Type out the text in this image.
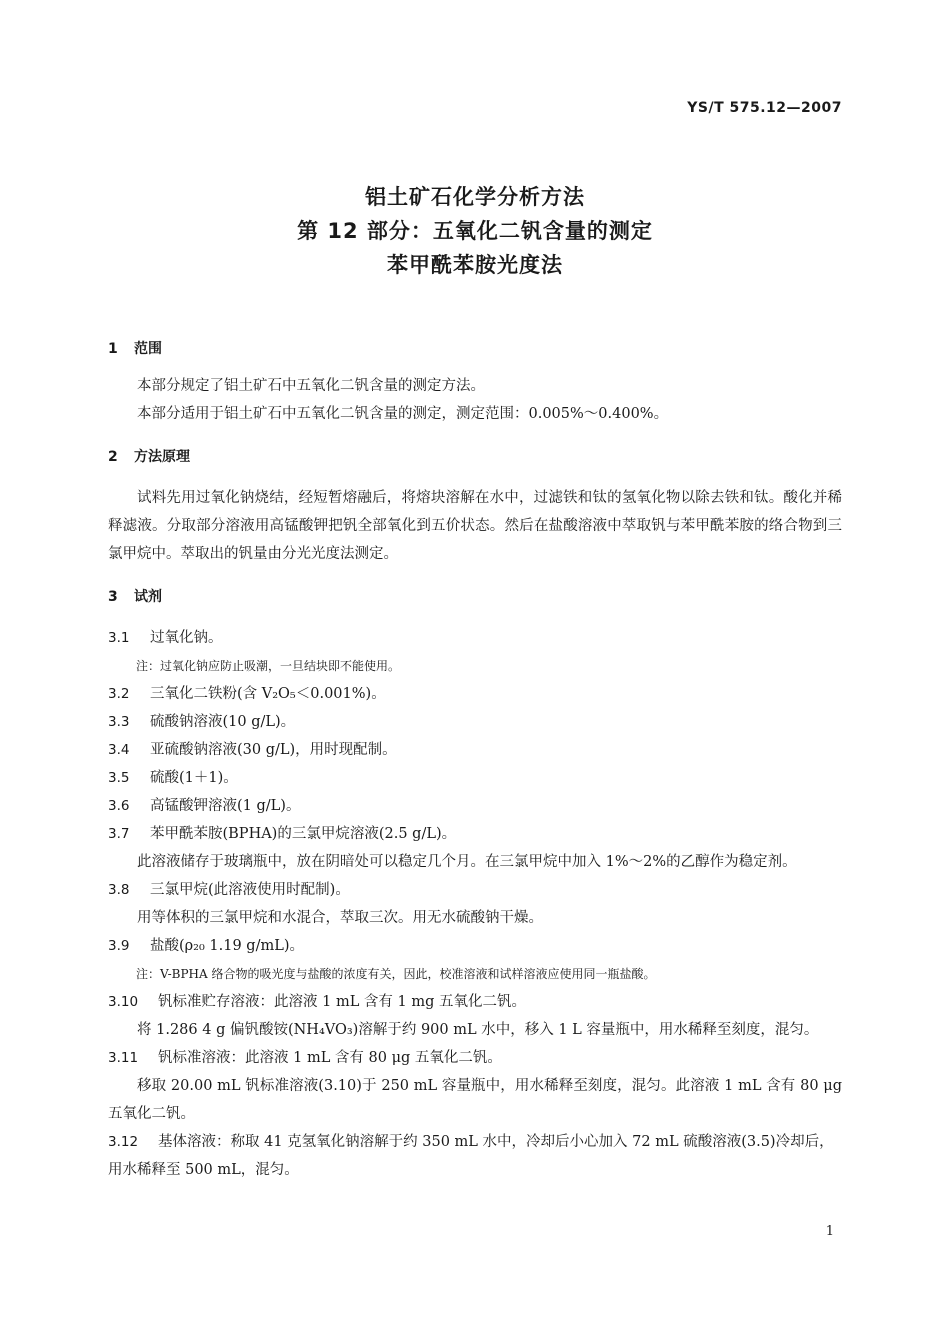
YS/T 575.12—2007
铝土矿石化学分析方法
第 12 部分：五氧化二钒含量的测定
苯甲酰苯胺光度法
1 范围
本部分规定了铝土矿石中五氧化二钒含量的测定方法。
本部分适用于铝土矿石中五氧化二钒含量的测定，测定范围：0.005%～0.400%。
2 方法原理
试料先用过氧化钠烧结，经短暂熔融后，将熔块溶解在水中，过滤铁和钛的氢氧化物以除去铁和钛。酸化并稀释滤液。分取部分溶液用高锰酸钾把钒全部氧化到五价状态。然后在盐酸溶液中萃取钒与苯甲酰苯胺的络合物到三氯甲烷中。萃取出的钒量由分光光度法测定。
3 试剂
3.1 过氧化钠。
注：过氧化钠应防止吸潮，一旦结块即不能使用。
3.2 三氧化二铁粉(含 V₂O₅＜0.001%)。
3.3 硫酸钠溶液(10 g/L)。
3.4 亚硫酸钠溶液(30 g/L)，用时现配制。
3.5 硫酸(1＋1)。
3.6 高锰酸钾溶液(1 g/L)。
3.7 苯甲酰苯胺(BPHA)的三氯甲烷溶液(2.5 g/L)。
此溶液储存于玻璃瓶中，放在阴暗处可以稳定几个月。在三氯甲烷中加入 1%～2%的乙醇作为稳定剂。
3.8 三氯甲烷(此溶液使用时配制)。
用等体积的三氯甲烷和水混合，萃取三次。用无水硫酸钠干燥。
3.9 盐酸(ρ₂₀ 1.19 g/mL)。
注：V-BPHA 络合物的吸光度与盐酸的浓度有关，因此，校准溶液和试样溶液应使用同一瓶盐酸。
3.10 钒标准贮存溶液：此溶液 1 mL 含有 1 mg 五氧化二钒。
将 1.286 4 g 偏钒酸铵(NH₄VO₃)溶解于约 900 mL 水中，移入 1 L 容量瓶中，用水稀释至刻度，混匀。
3.11 钒标准溶液：此溶液 1 mL 含有 80 μg 五氧化二钒。
移取 20.00 mL 钒标准溶液(3.10)于 250 mL 容量瓶中，用水稀释至刻度，混匀。此溶液 1 mL 含有 80 μg 五氧化二钒。
3.12 基体溶液：称取 41 克氢氧化钠溶解于约 350 mL 水中，冷却后小心加入 72 mL 硫酸溶液(3.5)冷却后，用水稀释至 500 mL，混匀。
1
